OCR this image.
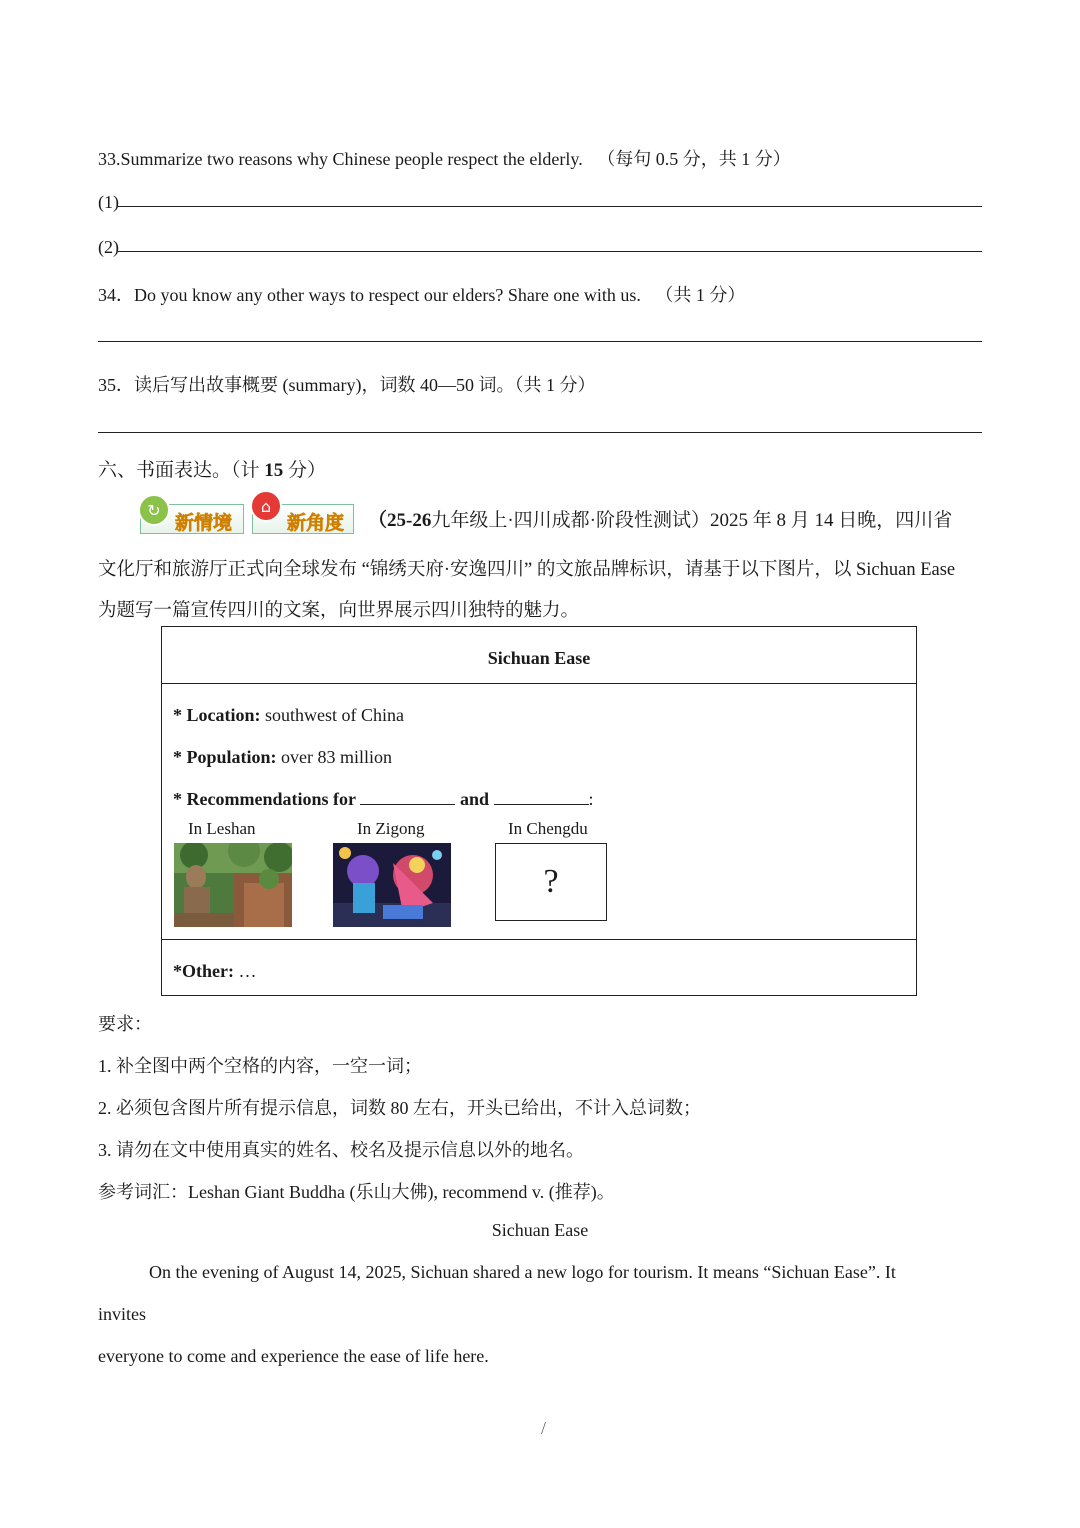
33.Summarize two reasons why Chinese people respect the elderly. （每句 0.5 分，共 1 分）
(1)
(2)
34．Do you know any other ways to respect our elders? Share one with us. （共 1 分）
35．读后写出故事概要 (summary)，词数 40—50 词。（共 1 分）
六、书面表达。（计 15 分）
新情境
↻
新角度
⌂
（25-26九年级上·四川成都·阶段性测试）2025 年 8 月 14 日晚，四川省
文化厅和旅游厅正式向全球发布 “锦绣天府·安逸四川” 的文旅品牌标识，请基于以下图片，以 Sichuan Ease
为题写一篇宣传四川的文案，向世界展示四川独特的魅力。
Sichuan Ease
* Location: southwest of China
* Population: over 83 million
* Recommendations for	and	:
In Leshan	In Zigong	In Chengdu
?
*Other: …
要求：
1. 补全图中两个空格的内容，一空一词；
2. 必须包含图片所有提示信息，词数 80 左右，开头已给出，不计入总词数；
3. 请勿在文中使用真实的姓名、校名及提示信息以外的地名。
参考词汇：Leshan Giant Buddha (乐山大佛), recommend v. (推荐)。
Sichuan Ease
On the evening of August 14, 2025, Sichuan shared a new logo for tourism. It means “Sichuan Ease”. It
invites
everyone to come and experience the ease of life here.
/
